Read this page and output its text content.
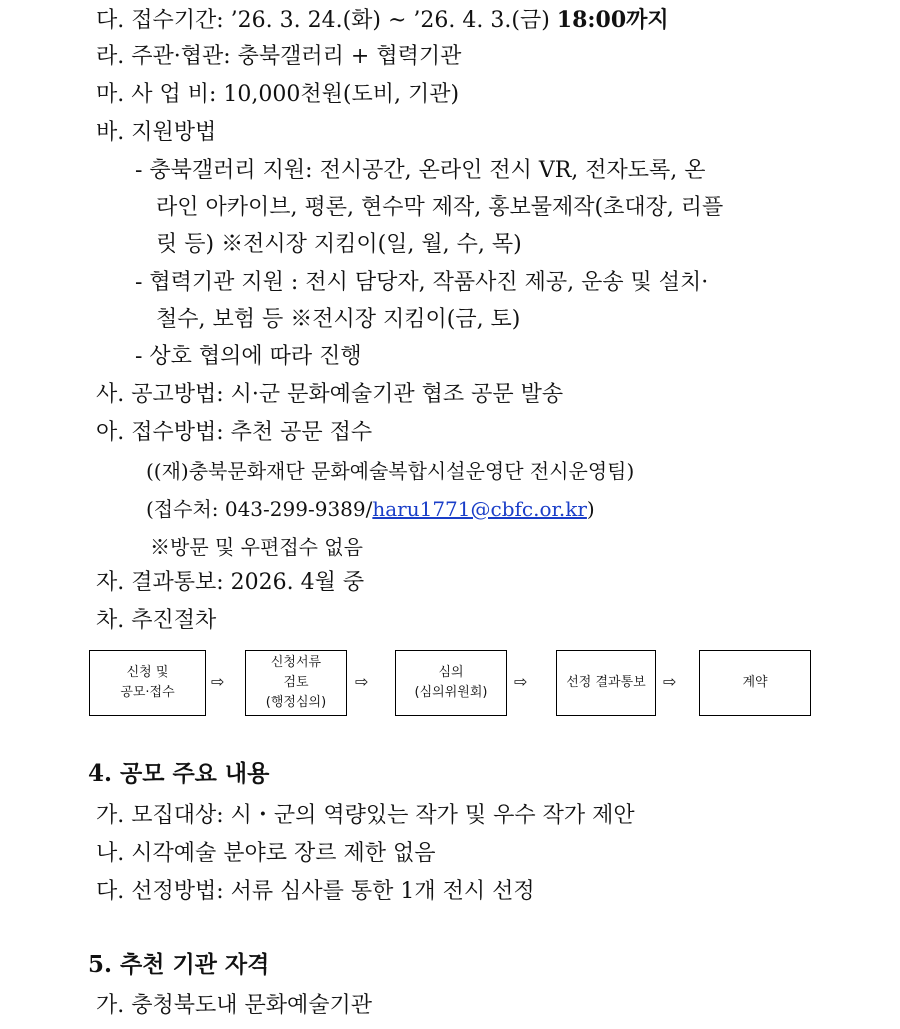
다. 접수기간: ’26. 3. 24.(화) ~ ’26. 4. 3.(금) 18:00까지
라. 주관·협관: 충북갤러리 + 협력기관
마. 사 업 비: 10,000천원(도비, 기관)
바. 지원방법
- 충북갤러리 지원: 전시공간, 온라인 전시 VR, 전자도록, 온
라인 아카이브, 평론, 현수막 제작, 홍보물제작(초대장, 리플
릿 등) ※전시장 지킴이(일, 월, 수, 목)
- 협력기관 지원 : 전시 담당자, 작품사진 제공, 운송 및 설치·
철수, 보험 등 ※전시장 지킴이(금, 토)
- 상호 협의에 따라 진행
사. 공고방법: 시·군 문화예술기관 협조 공문 발송
아. 접수방법: 추천 공문 접수
((재)충북문화재단 문화예술복합시설운영단 전시운영팀)
(접수처: 043-299-9389/haru1771@cbfc.or.kr)
※방문 및 우편접수 없음
자. 결과통보: 2026. 4월 중
차. 추진절차
신청 및
공모·접수
⇨
신청서류
검토
(행정심의)
⇨	심의
(심의위원회)
⇨	선정 결과통보 ⇨	계약
4. 공모 주요 내용
가. 모집대상: 시・군의 역량있는 작가 및 우수 작가 제안
나. 시각예술 분야로 장르 제한 없음
다. 선정방법: 서류 심사를 통한 1개 전시 선정
5. 추천 기관 자격
가. 충청북도내 문화예술기관
